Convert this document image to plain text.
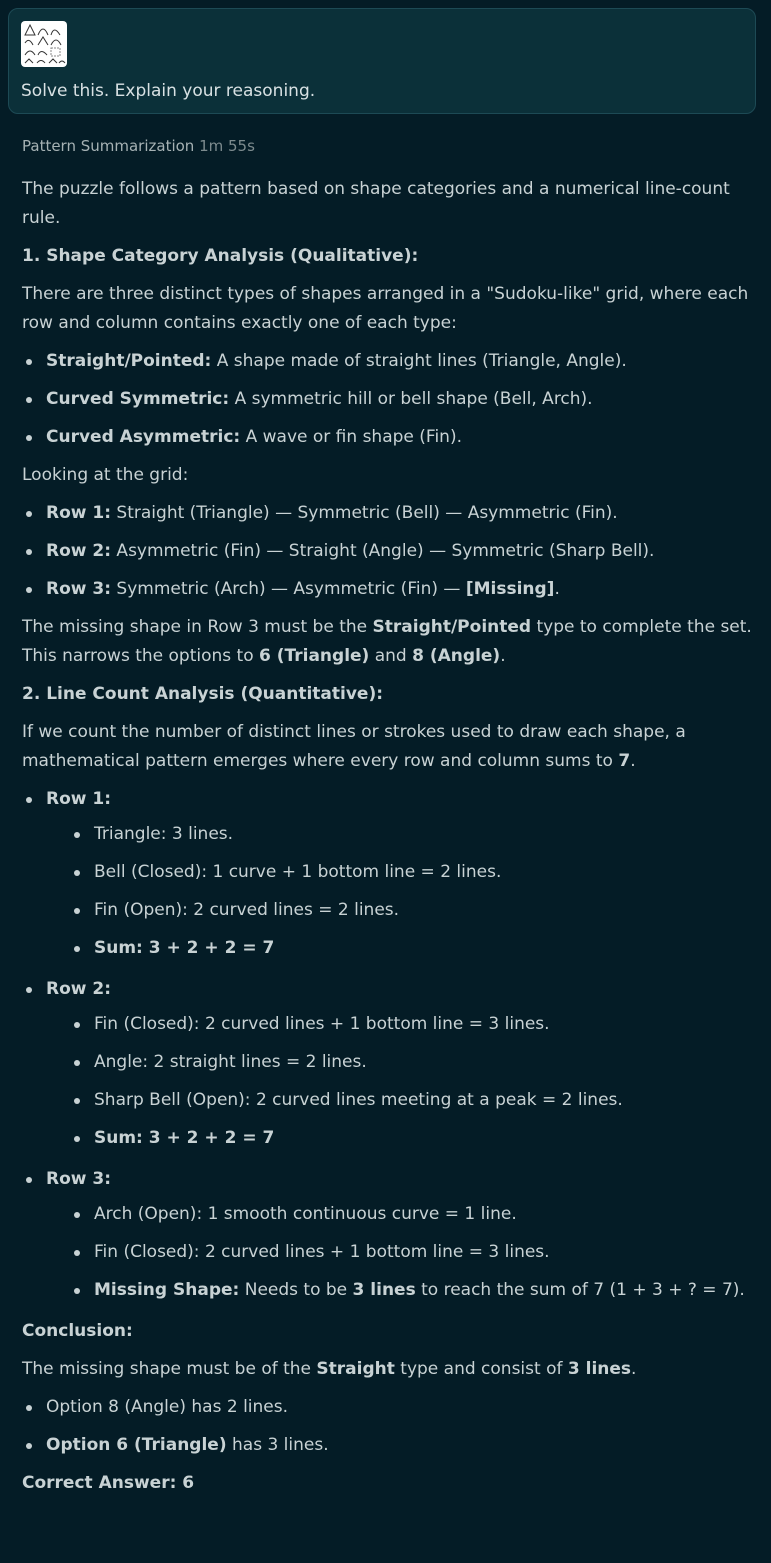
Solve this. Explain your reasoning.
Pattern Summarization 1m 55s

The puzzle follows a pattern based on shape categories and a numerical line-count rule.

1. Shape Category Analysis (Qualitative):

There are three distinct types of shapes arranged in a "Sudoku-like" grid, where each row and column contains exactly one of each type:

Straight/Pointed: A shape made of straight lines (Triangle, Angle).
Curved Symmetric: A symmetric hill or bell shape (Bell, Arch).
Curved Asymmetric: A wave or fin shape (Fin).

Looking at the grid:

Row 1: Straight (Triangle) — Symmetric (Bell) — Asymmetric (Fin).
Row 2: Asymmetric (Fin) — Straight (Angle) — Symmetric (Sharp Bell).
Row 3: Symmetric (Arch) — Asymmetric (Fin) — [Missing].

The missing shape in Row 3 must be the Straight/Pointed type to complete the set. This narrows the options to 6 (Triangle) and 8 (Angle).

2. Line Count Analysis (Quantitative):

If we count the number of distinct lines or strokes used to draw each shape, a mathematical pattern emerges where every row and column sums to 7.

Row 1:
Triangle: 3 lines.
Bell (Closed): 1 curve + 1 bottom line = 2 lines.
Fin (Open): 2 curved lines = 2 lines.
Sum: 3 + 2 + 2 = 7
Row 2:
Fin (Closed): 2 curved lines + 1 bottom line = 3 lines.
Angle: 2 straight lines = 2 lines.
Sharp Bell (Open): 2 curved lines meeting at a peak = 2 lines.
Sum: 3 + 2 + 2 = 7
Row 3:
Arch (Open): 1 smooth continuous curve = 1 line.
Fin (Closed): 2 curved lines + 1 bottom line = 3 lines.
Missing Shape: Needs to be 3 lines to reach the sum of 7 (1 + 3 + ? = 7).

Conclusion:

The missing shape must be of the Straight type and consist of 3 lines.

Option 8 (Angle) has 2 lines.
Option 6 (Triangle) has 3 lines.

Correct Answer: 6
